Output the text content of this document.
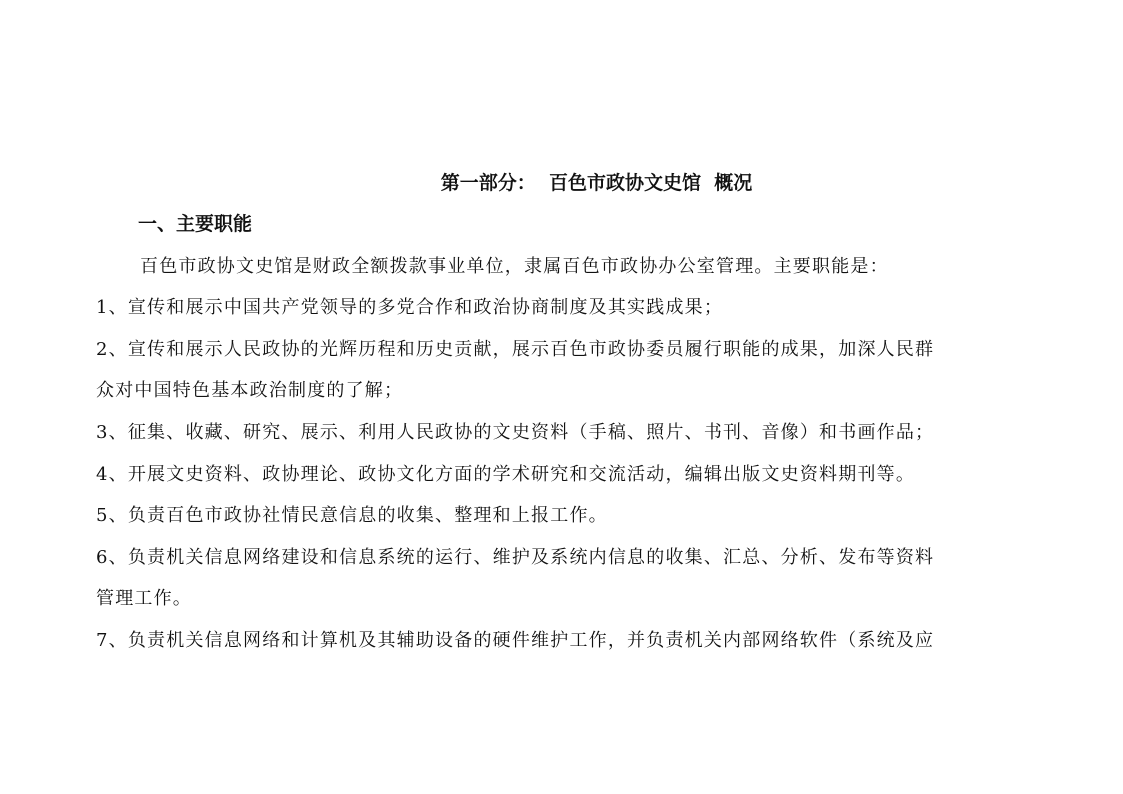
第一部分：  百色市政协文史馆  概况
一、主要职能
百色市政协文史馆是财政全额拨款事业单位，隶属百色市政协办公室管理。主要职能是：
1、宣传和展示中国共产党领导的多党合作和政治协商制度及其实践成果；
2、宣传和展示人民政协的光辉历程和历史贡献，展示百色市政协委员履行职能的成果，加深人民群
众对中国特色基本政治制度的了解；
3、征集、收藏、研究、展示、利用人民政协的文史资料（手稿、照片、书刊、音像）和书画作品；
4、开展文史资料、政协理论、政协文化方面的学术研究和交流活动，编辑出版文史资料期刊等。
5、负责百色市政协社情民意信息的收集、整理和上报工作。
6、负责机关信息网络建设和信息系统的运行、维护及系统内信息的收集、汇总、分析、发布等资料
管理工作。
7、负责机关信息网络和计算机及其辅助设备的硬件维护工作，并负责机关内部网络软件（系统及应
